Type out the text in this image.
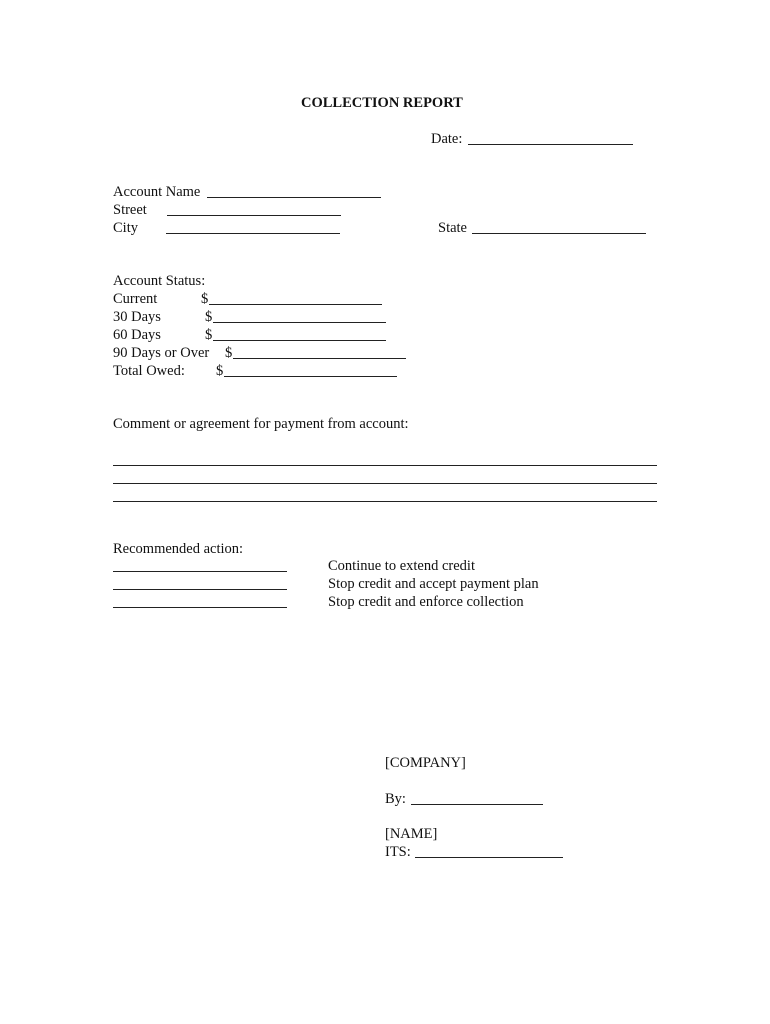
COLLECTION REPORT
Date:
Account Name
Street
City	State
Account Status:
Current	$
30 Days	$
60 Days	$
90 Days or Over $
Total Owed: $
Comment or agreement for payment from account:
Recommended action:
Continue to extend credit
Stop credit and accept payment plan
Stop credit and enforce collection
[COMPANY]
By:
[NAME]
ITS:
